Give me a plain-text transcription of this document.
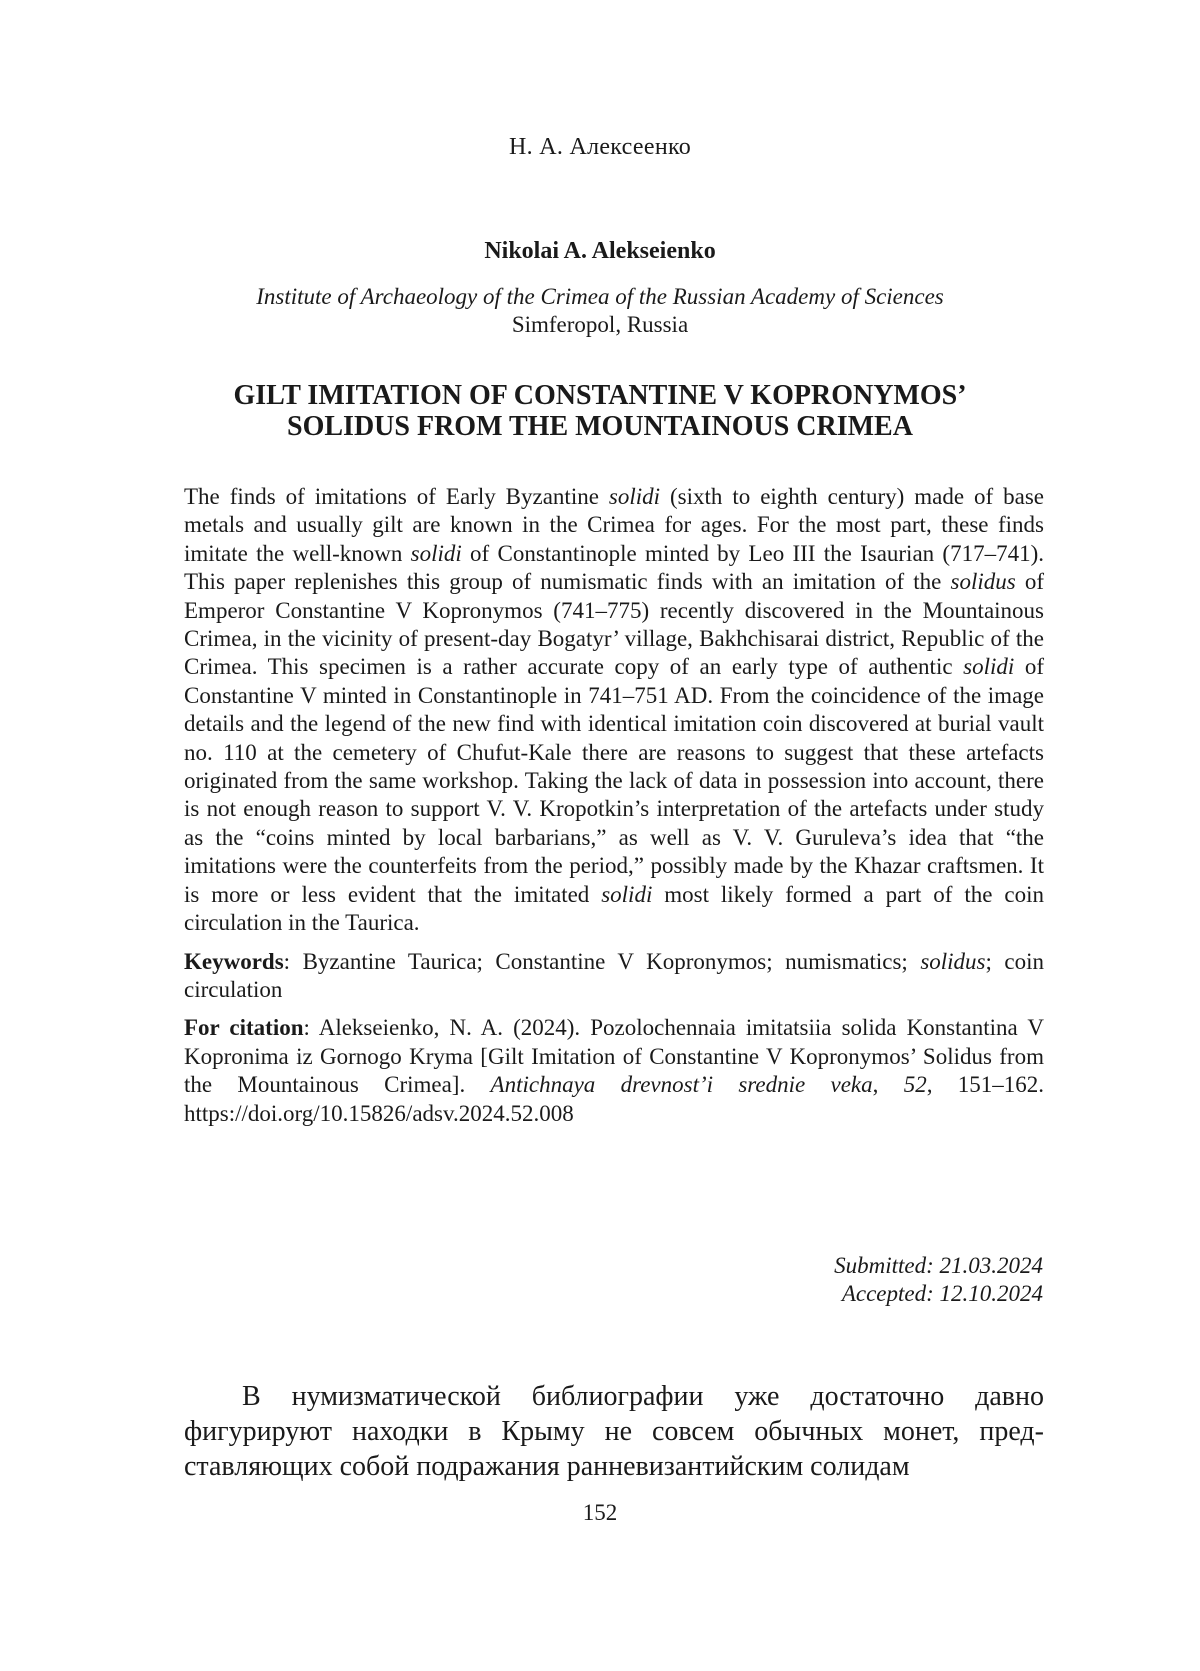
Н. А. Алексеенко
Nikolai A. Alekseienko
Institute of Archaeology of the Crimea of the Russian Academy of Sciences
Simferopol, Russia
GILT IMITATION OF CONSTANTINE V KOPRONYMOS’
SOLIDUS FROM THE MOUNTAINOUS CRIMEA

The finds of imitations of Early Byzantine solidi (sixth to eighth century) made of base metals and usually gilt are known in the Crimea for ages. For the most part, these finds imitate the well-known solidi of Constantinople minted by Leo III the Isaurian (717–741). This paper replenishes this group of numismatic finds with an imitation of the solidus of Emperor Constantine V Kopronymos (741–775) recently discovered in the Mountainous Crimea, in the vicinity of present-day Bogatyr’ village, Bakhchisarai district, Republic of the Crimea. This specimen is a rather accurate copy of an early type of authentic solidi of Constantine V minted in Constantinople in 741–751 AD. From the coincidence of the image details and the legend of the new find with identical imitation coin discovered at burial vault no. 110 at the cemetery of Chufut-Kale there are reasons to suggest that these artefacts originated from the same workshop. Taking the lack of data in possession into account, there is not enough reason to support V. V. Kropotkin’s interpretation of the artefacts under study as the “coins minted by local barbarians,” as well as V. V. Guruleva’s idea that “the imitations were the counterfeits from the period,” possibly made by the Khazar craftsmen. It is more or less evident that the imitated solidi most likely formed a part of the coin circulation in the Taurica.

Keywords: Byzantine Taurica; Constantine V Kopronymos; numismatics; solidus; coin circulation

For citation: Alekseienko, N. A. (2024). Pozolochennaia imitatsiia solida Konstantina V Kopronima iz Gornogo Kryma [Gilt Imitation of Constantine V Kopronymos’ Solidus from the Mountainous Crimea]. Antichnaya drevnost’i srednie veka, 52, 151–162. https://doi.org/10.15826/adsv.2024.52.008

Submitted: 21.03.2024
Accepted: 12.10.2024

В нумизматической библиографии уже достаточно давно фигурируют находки в Крыму не совсем обычных монет, представляющих собой подражания ранневизантийским солидам

152
